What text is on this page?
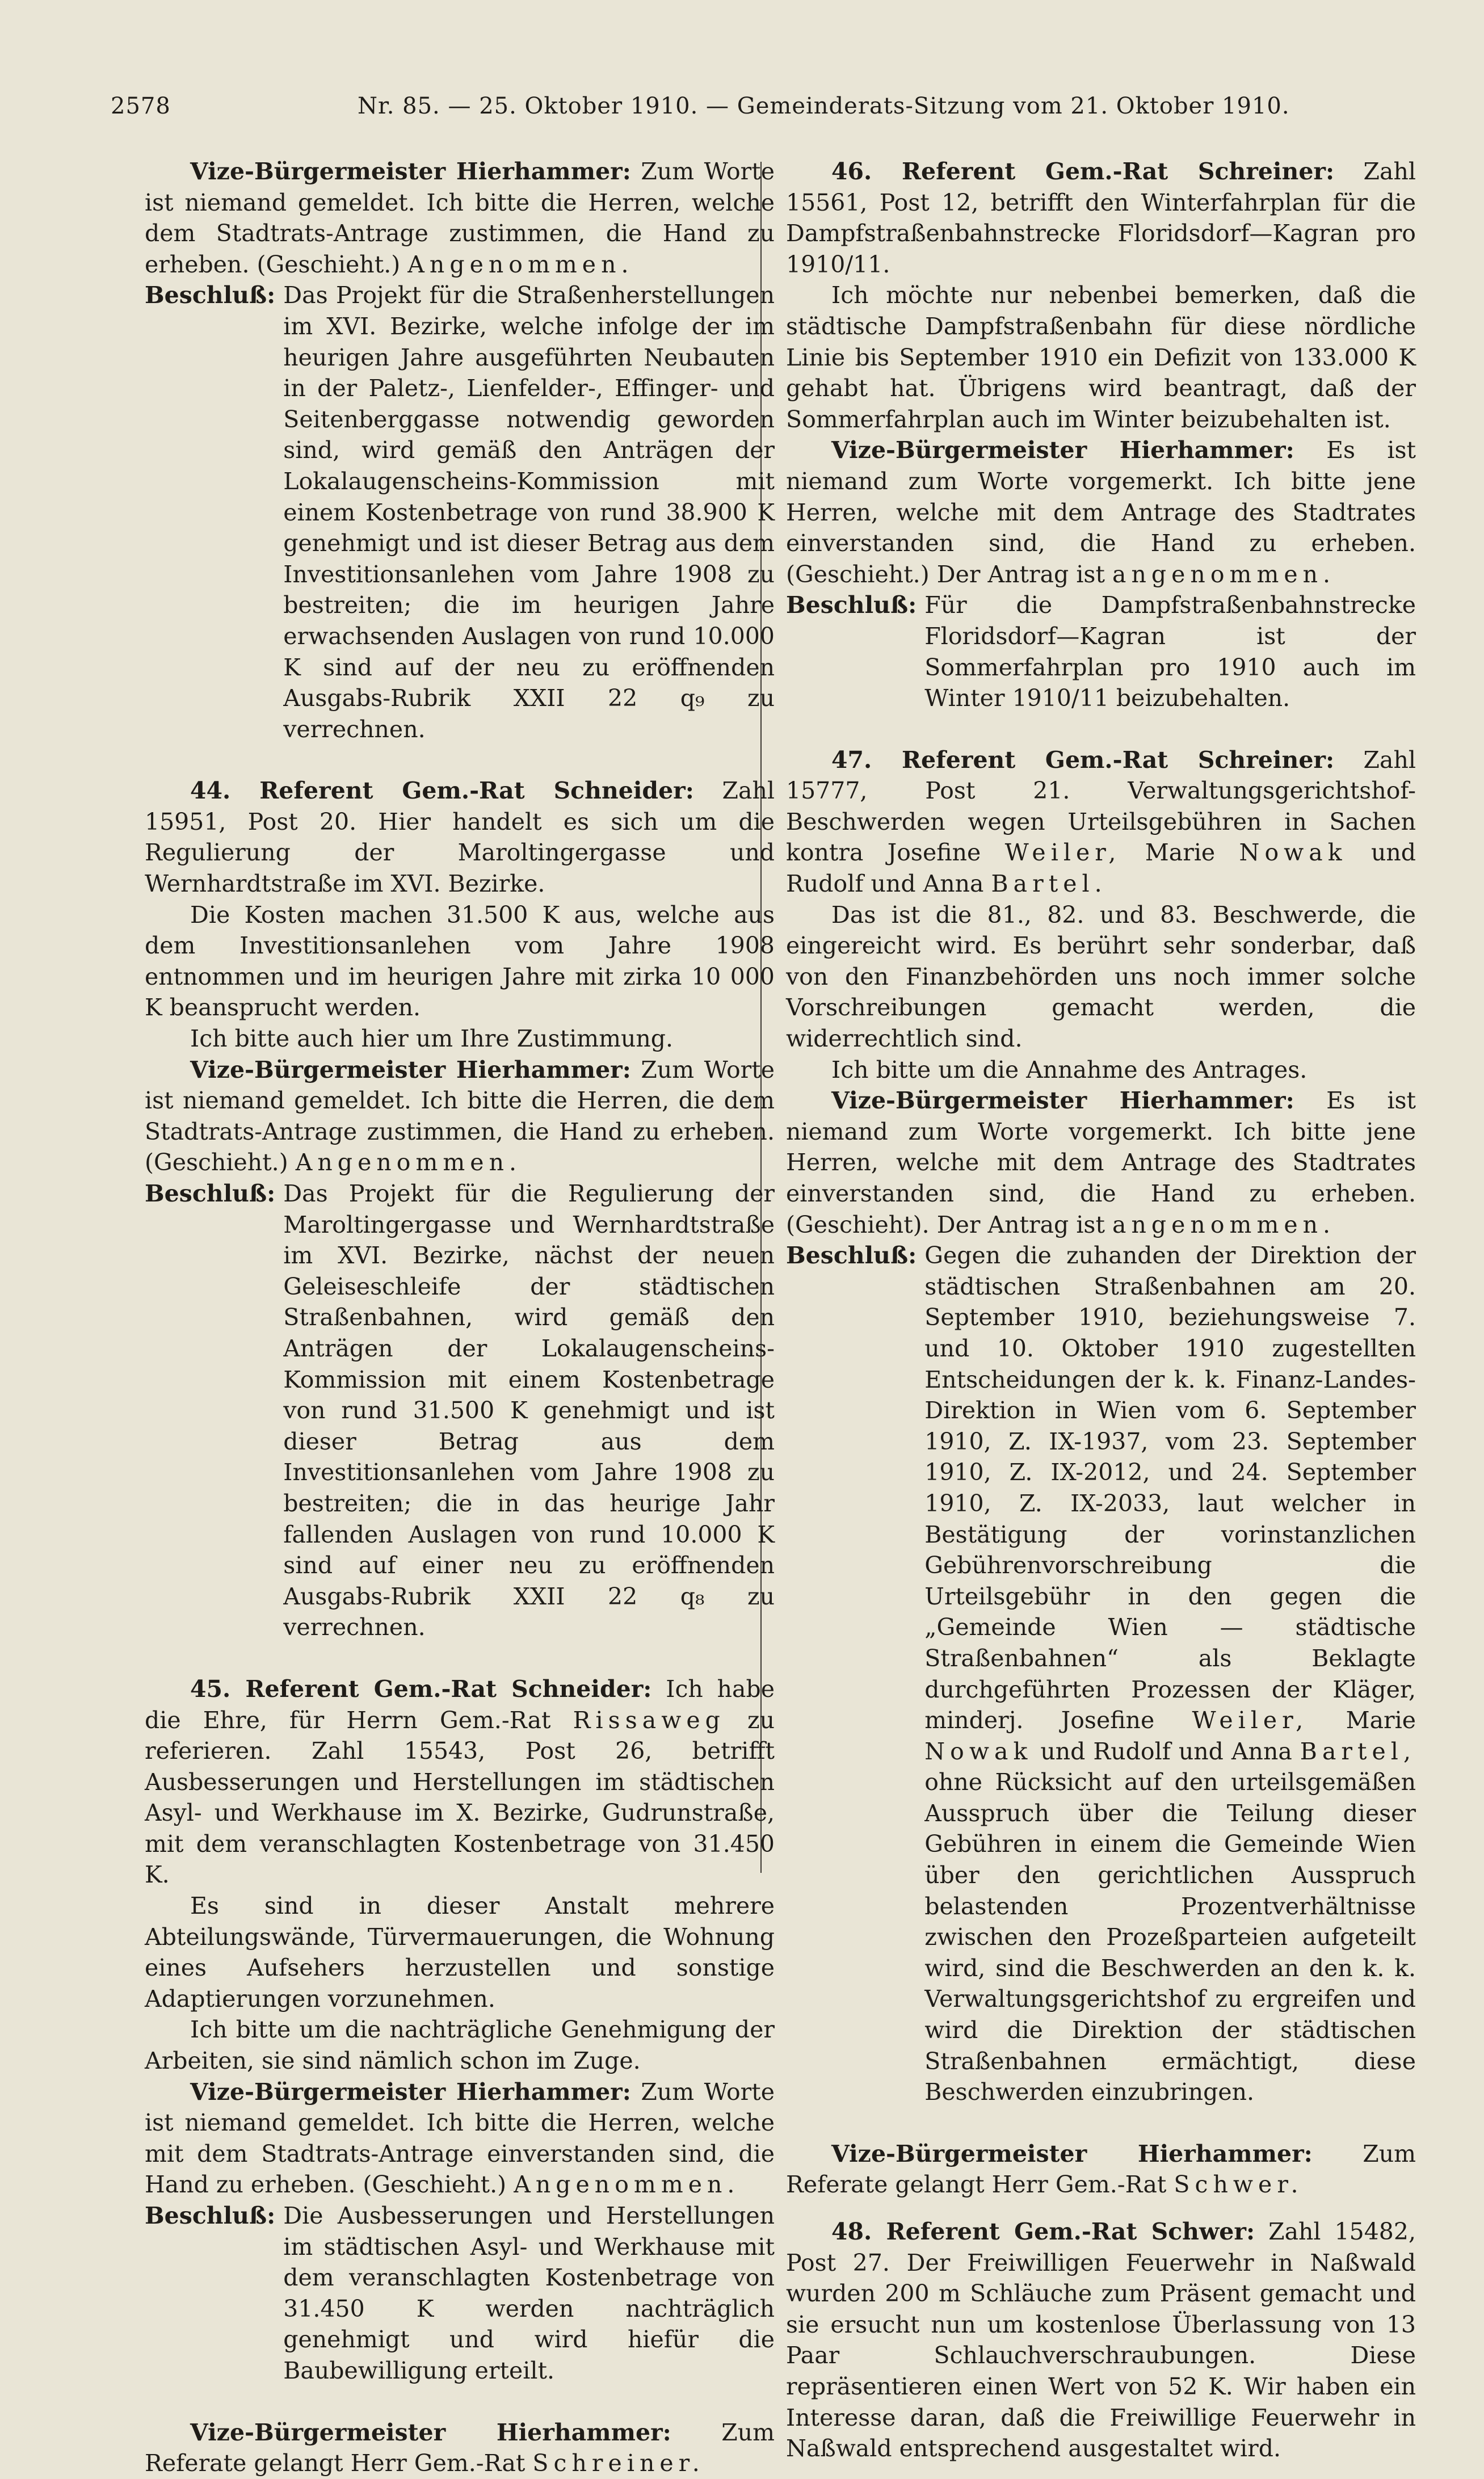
2578	Nr. 85. — 25. Oktober 1910. — Gemeinderats-Sitzung vom 21. Oktober 1910.

Vize-Bürgermeister Hierhammer: Zum Worte ist niemand gemeldet. Ich bitte die Herren, welche dem Stadtrats-Antrage zustimmen, die Hand zu erheben. (Geschieht.) Angenommen.

Beschluß: Das Projekt für die Straßenherstellungen im XVI. Bezirke, welche infolge der im heurigen Jahre ausgeführten Neubauten in der Paletz-, Lienfelder-, Effinger- und Seitenberggasse notwendig geworden sind, wird gemäß den Anträgen der Lokalaugenscheins-Kommission mit einem Kostenbetrage von rund 38.900 K genehmigt und ist dieser Betrag aus dem Investitionsanlehen vom Jahre 1908 zu bestreiten; die im heurigen Jahre erwachsenden Auslagen von rund 10.000 K sind auf der neu zu eröffnenden Ausgabs-Rubrik XXII 22 q₉ zu verrechnen.

44. Referent Gem.-Rat Schneider: Zahl 15951, Post 20. Hier handelt es sich um die Regulierung der Maroltingergasse und Wernhardtstraße im XVI. Bezirke.

Die Kosten machen 31.500 K aus, welche aus dem Investitionsanlehen vom Jahre 1908 entnommen und im heurigen Jahre mit zirka 10 000 K beansprucht werden.

Ich bitte auch hier um Ihre Zustimmung.

Vize-Bürgermeister Hierhammer: Zum Worte ist niemand gemeldet. Ich bitte die Herren, die dem Stadtrats-Antrage zustimmen, die Hand zu erheben. (Geschieht.) Angenommen.

Beschluß: Das Projekt für die Regulierung der Maroltingergasse und Wernhardtstraße im XVI. Bezirke, nächst der neuen Geleiseschleife der städtischen Straßenbahnen, wird gemäß den Anträgen der Lokalaugenscheins-Kommission mit einem Kostenbetrage von rund 31.500 K genehmigt und ist dieser Betrag aus dem Investitionsanlehen vom Jahre 1908 zu bestreiten; die in das heurige Jahr fallenden Auslagen von rund 10.000 K sind auf einer neu zu eröffnenden Ausgabs-Rubrik XXII 22 q₈ zu verrechnen.

45. Referent Gem.-Rat Schneider: Ich habe die Ehre, für Herrn Gem.-Rat Rissaweg zu referieren. Zahl 15543, Post 26, betrifft Ausbesserungen und Herstellungen im städtischen Asyl- und Werkhause im X. Bezirke, Gudrunstraße, mit dem veranschlagten Kostenbetrage von 31.450 K.

Es sind in dieser Anstalt mehrere Abteilungswände, Türvermauerungen, die Wohnung eines Aufsehers herzustellen und sonstige Adaptierungen vorzunehmen.

Ich bitte um die nachträgliche Genehmigung der Arbeiten, sie sind nämlich schon im Zuge.

Vize-Bürgermeister Hierhammer: Zum Worte ist niemand gemeldet. Ich bitte die Herren, welche mit dem Stadtrats-Antrage einverstanden sind, die Hand zu erheben. (Geschieht.) Angenommen.

Beschluß: Die Ausbesserungen und Herstellungen im städtischen Asyl- und Werkhause mit dem veranschlagten Kostenbetrage von 31.450 K werden nachträglich genehmigt und wird hiefür die Baubewilligung erteilt.

Vize-Bürgermeister Hierhammer: Zum Referate gelangt Herr Gem.-Rat Schreiner.

46. Referent Gem.-Rat Schreiner: Zahl 15561, Post 12, betrifft den Winterfahrplan für die Dampfstraßenbahnstrecke Floridsdorf—Kagran pro 1910/11.

Ich möchte nur nebenbei bemerken, daß die städtische Dampfstraßenbahn für diese nördliche Linie bis September 1910 ein Defizit von 133.000 K gehabt hat. Übrigens wird beantragt, daß der Sommerfahrplan auch im Winter beizubehalten ist.

Vize-Bürgermeister Hierhammer: Es ist niemand zum Worte vorgemerkt. Ich bitte jene Herren, welche mit dem Antrage des Stadtrates einverstanden sind, die Hand zu erheben. (Geschieht.) Der Antrag ist angenommen.

Beschluß: Für die Dampfstraßenbahnstrecke Floridsdorf—Kagran ist der Sommerfahrplan pro 1910 auch im Winter 1910/11 beizubehalten.

47. Referent Gem.-Rat Schreiner: Zahl 15777, Post 21. Verwaltungsgerichtshof-Beschwerden wegen Urteilsgebühren in Sachen kontra Josefine Weiler, Marie Nowak und Rudolf und Anna Bartel.

Das ist die 81., 82. und 83. Beschwerde, die eingereicht wird. Es berührt sehr sonderbar, daß von den Finanzbehörden uns noch immer solche Vorschreibungen gemacht werden, die widerrechtlich sind.

Ich bitte um die Annahme des Antrages.

Vize-Bürgermeister Hierhammer: Es ist niemand zum Worte vorgemerkt. Ich bitte jene Herren, welche mit dem Antrage des Stadtrates einverstanden sind, die Hand zu erheben. (Geschieht). Der Antrag ist angenommen.

Beschluß: Gegen die zuhanden der Direktion der städtischen Straßenbahnen am 20. September 1910, beziehungsweise 7. und 10. Oktober 1910 zugestellten Entscheidungen der k. k. Finanz-Landes-Direktion in Wien vom 6. September 1910, Z. IX-1937, vom 23. September 1910, Z. IX-2012, und 24. September 1910, Z. IX-2033, laut welcher in Bestätigung der vorinstanzlichen Gebührenvorschreibung die Urteilsgebühr in den gegen die „Gemeinde Wien — städtische Straßenbahnen“ als Beklagte durchgeführten Prozessen der Kläger, minderj. Josefine Weiler, Marie Nowak und Rudolf und Anna Bartel, ohne Rücksicht auf den urteilsgemäßen Ausspruch über die Teilung dieser Gebühren in einem die Gemeinde Wien über den gerichtlichen Ausspruch belastenden Prozentverhältnisse zwischen den Prozeßparteien aufgeteilt wird, sind die Beschwerden an den k. k. Verwaltungsgerichtshof zu ergreifen und wird die Direktion der städtischen Straßenbahnen ermächtigt, diese Beschwerden einzubringen.

Vize-Bürgermeister Hierhammer: Zum Referate gelangt Herr Gem.-Rat Schwer.

48. Referent Gem.-Rat Schwer: Zahl 15482, Post 27. Der Freiwilligen Feuerwehr in Naßwald wurden 200 m Schläuche zum Präsent gemacht und sie ersucht nun um kostenlose Überlassung von 13 Paar Schlauchverschraubungen. Diese repräsentieren einen Wert von 52 K. Wir haben ein Interesse daran, daß die Freiwillige Feuerwehr in Naßwald entsprechend ausgestaltet wird.
